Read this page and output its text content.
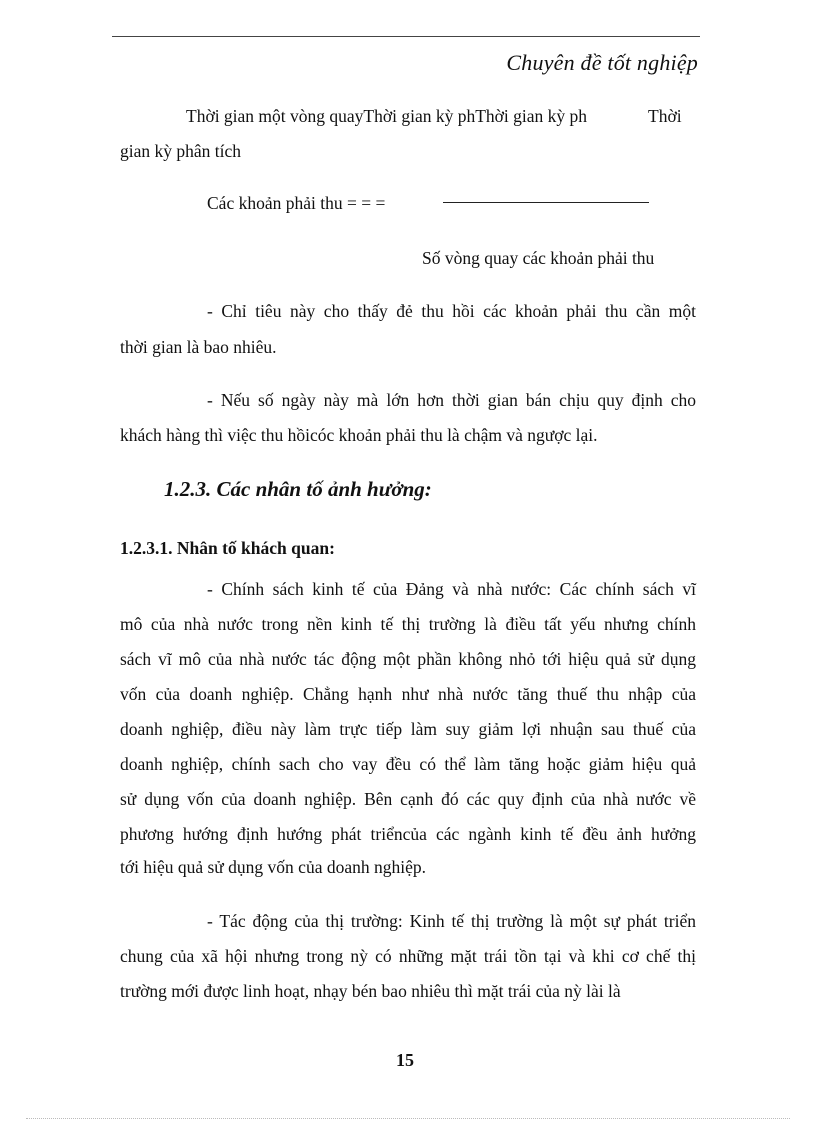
Chuyên đề tốt nghiệp
Thời gian một vòng quayThời gian kỳ phThời gian kỳ ph	Thời
gian kỳ phân tích
Các khoản phải thu = = =
Số vòng quay các khoản phải thu
- Chỉ tiêu này cho thấy đẻ thu hồi các khoản phải thu cần một
thời gian là bao nhiêu.
- Nếu số ngày này mà lớn hơn thời gian bán chịu quy định cho
khách hàng thì việc thu hồicóc khoản phải thu là chậm và ngược lại.
1.2.3. Các nhân tố ảnh hưởng:
1.2.3.1. Nhân tố khách quan:
- Chính sách kinh tế của Đảng và nhà nước: Các chính sách vĩ
mô của nhà nước trong nền kinh tế thị trường là điều tất yếu nhưng chính
sách vĩ mô của nhà nước tác động một phần không nhỏ tới hiệu quả sử dụng
vốn của doanh nghiệp. Chẳng hạnh như nhà nước tăng thuế thu nhập của
doanh nghiệp, điều này làm trực tiếp làm suy giảm lợi nhuận sau thuế của
doanh nghiệp, chính sach cho vay đều có thể làm tăng hoặc giảm hiệu quả
sử dụng vốn của doanh nghiệp. Bên cạnh đó các quy định của nhà nước về
phương hướng định hướng phát triểncủa các ngành kinh tế đều ảnh hưởng
tới hiệu quả sử dụng vốn của doanh nghiệp.
- Tác động của thị trường: Kinh tế thị trường là một sự phát triển
chung của xã hội nhưng trong nỳ có những mặt trái tồn tại và khi cơ chế thị
trường mới được linh hoạt, nhạy bén bao nhiêu thì mặt trái của nỳ lài là
15
